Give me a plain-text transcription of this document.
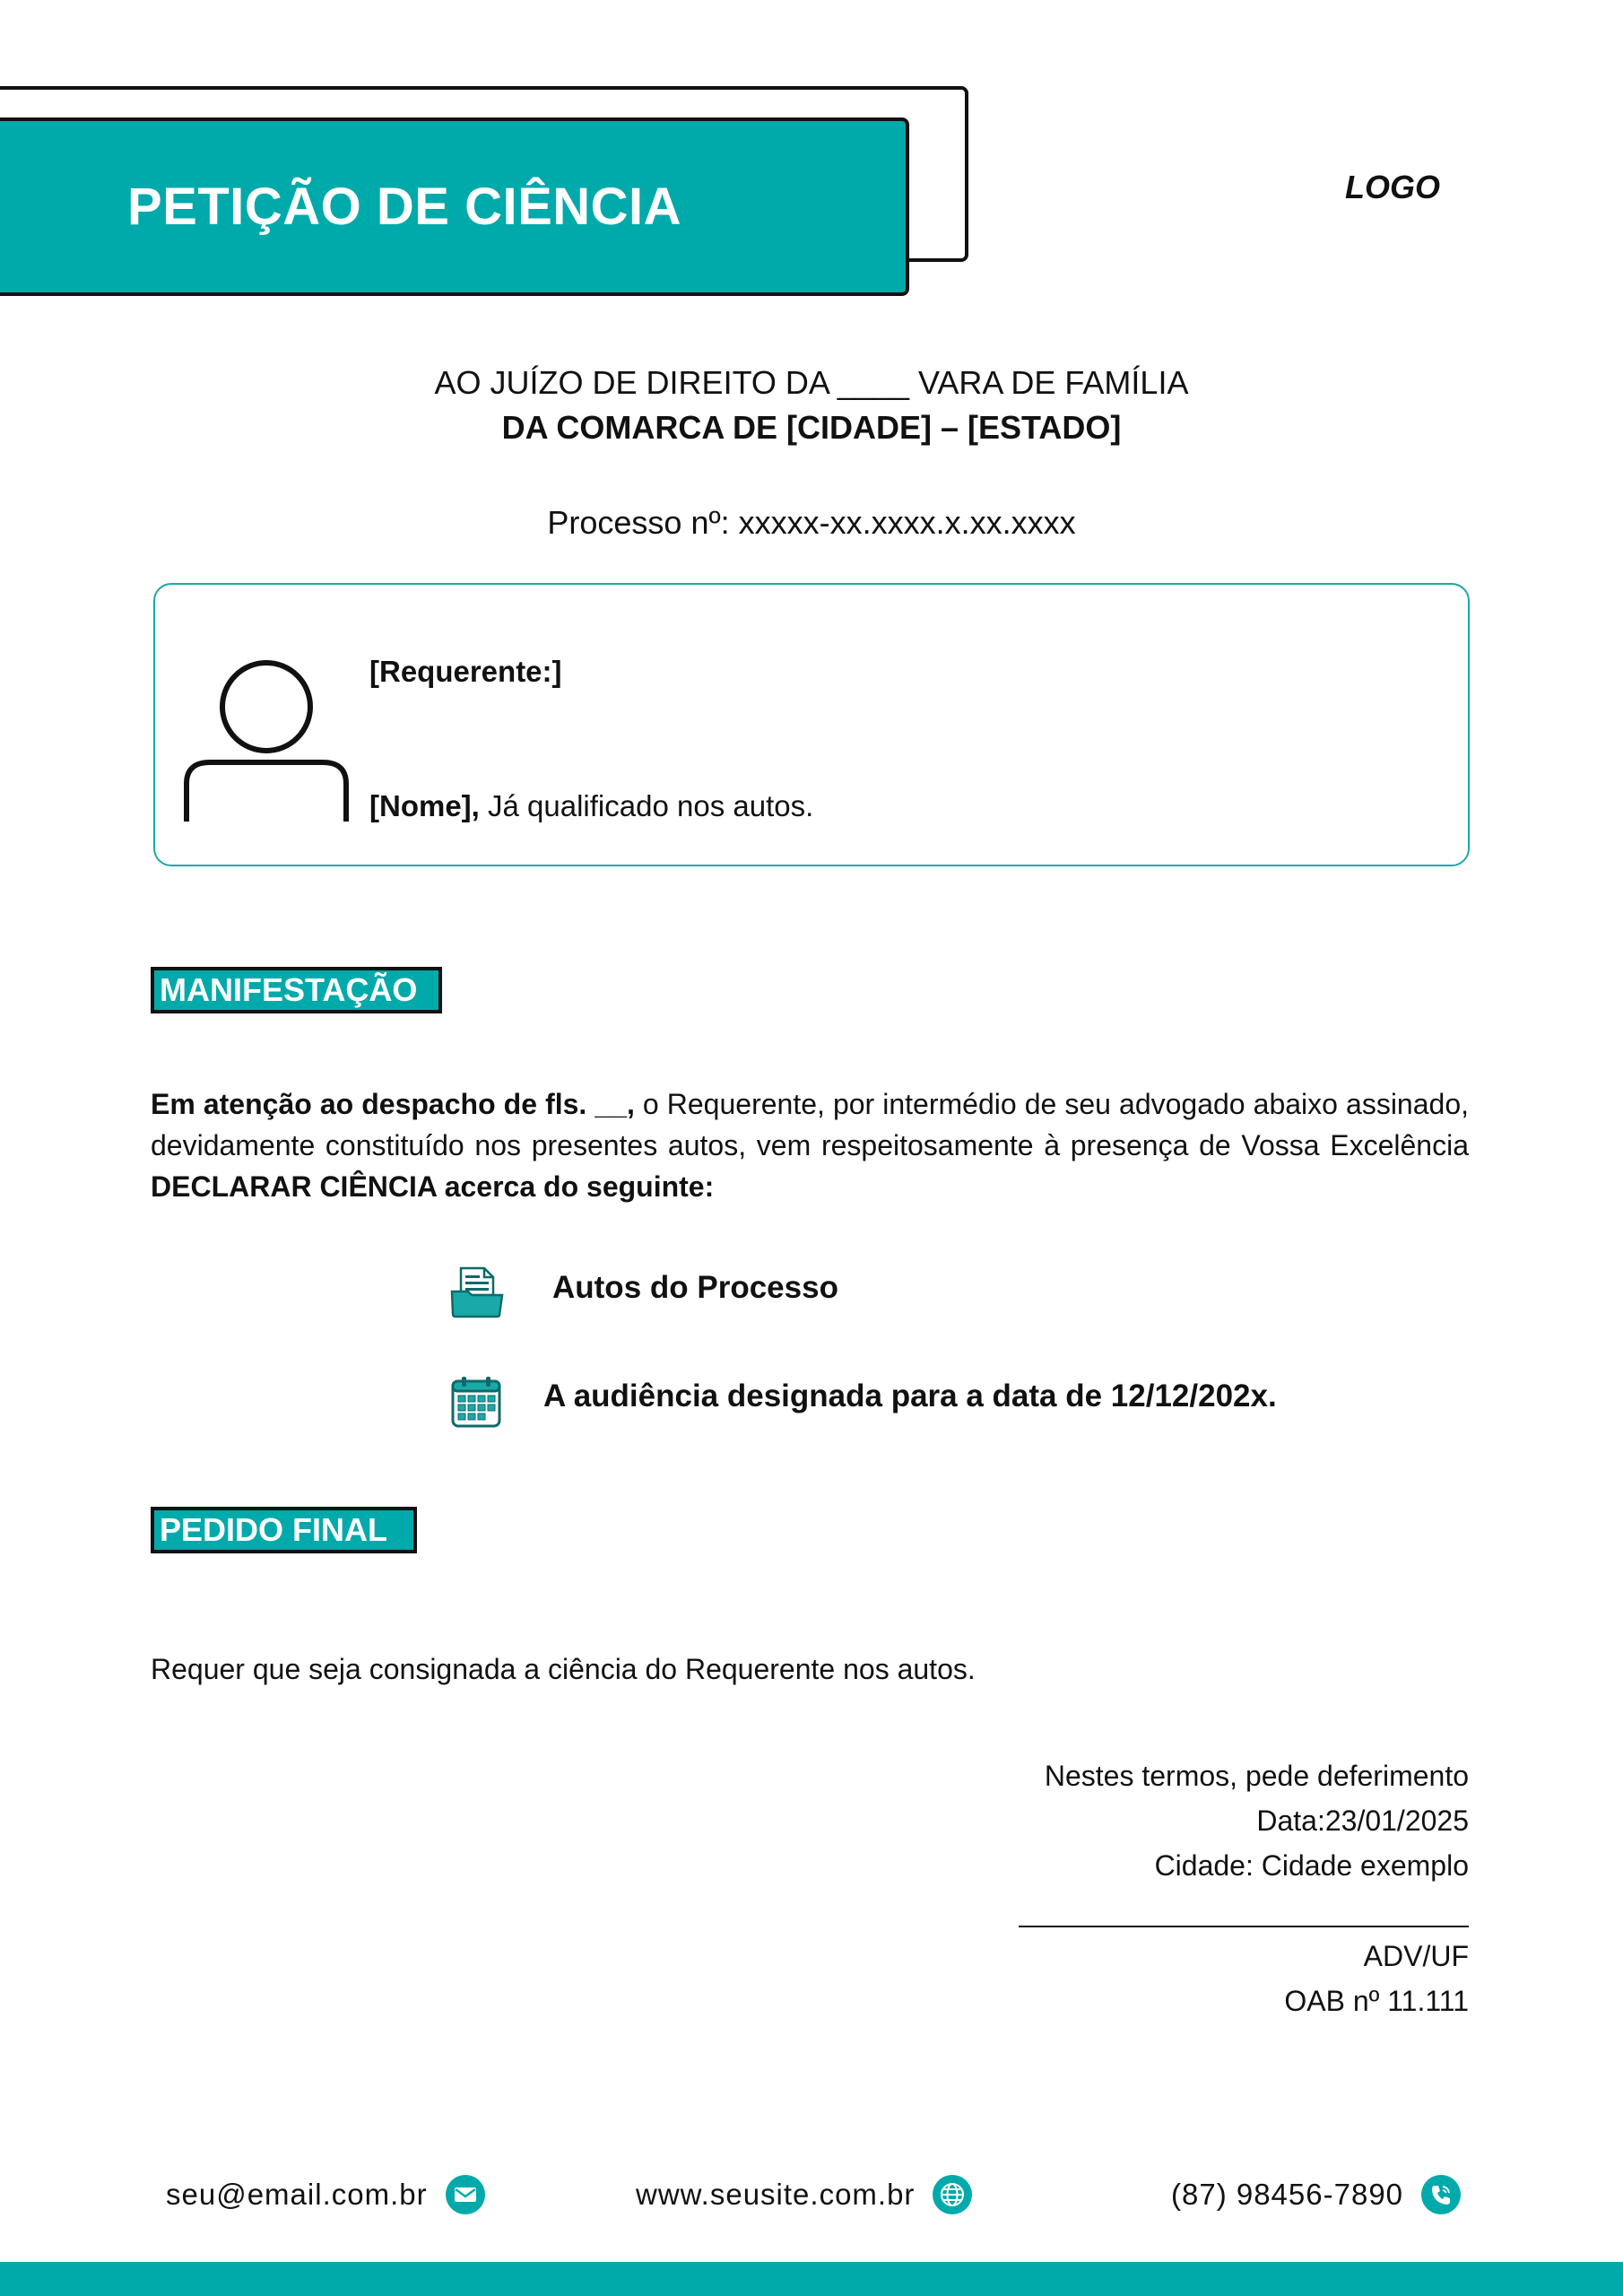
PETIÇÃO DE CIÊNCIA	LOGO
AO JUÍZO DE DIREITO DA ____ VARA DE FAMÍLIA
DA COMARCA DE [CIDADE] – [ESTADO]
Processo nº: xxxxx-xx.xxxx.x.xx.xxxx
[Requerente:]
[Nome], Já qualificado nos autos.
MANIFESTAÇÃO
Em atenção ao despacho de fls. __, o Requerente, por intermédio de seu advogado abaixo assinado, devidamente constituído nos presentes autos, vem respeitosamente à presença de Vossa Excelência DECLARAR CIÊNCIA acerca do seguinte:
Autos do Processo
A audiência designada para a data de 12/12/202x.
PEDIDO FINAL
Requer que seja consignada a ciência do Requerente nos autos.
Nestes termos, pede deferimento
Data:23/01/2025
Cidade: Cidade exemplo
ADV/UF
OAB nº 11.111
seu@email.com.br	www.seusite.com.br	(87) 98456-7890
